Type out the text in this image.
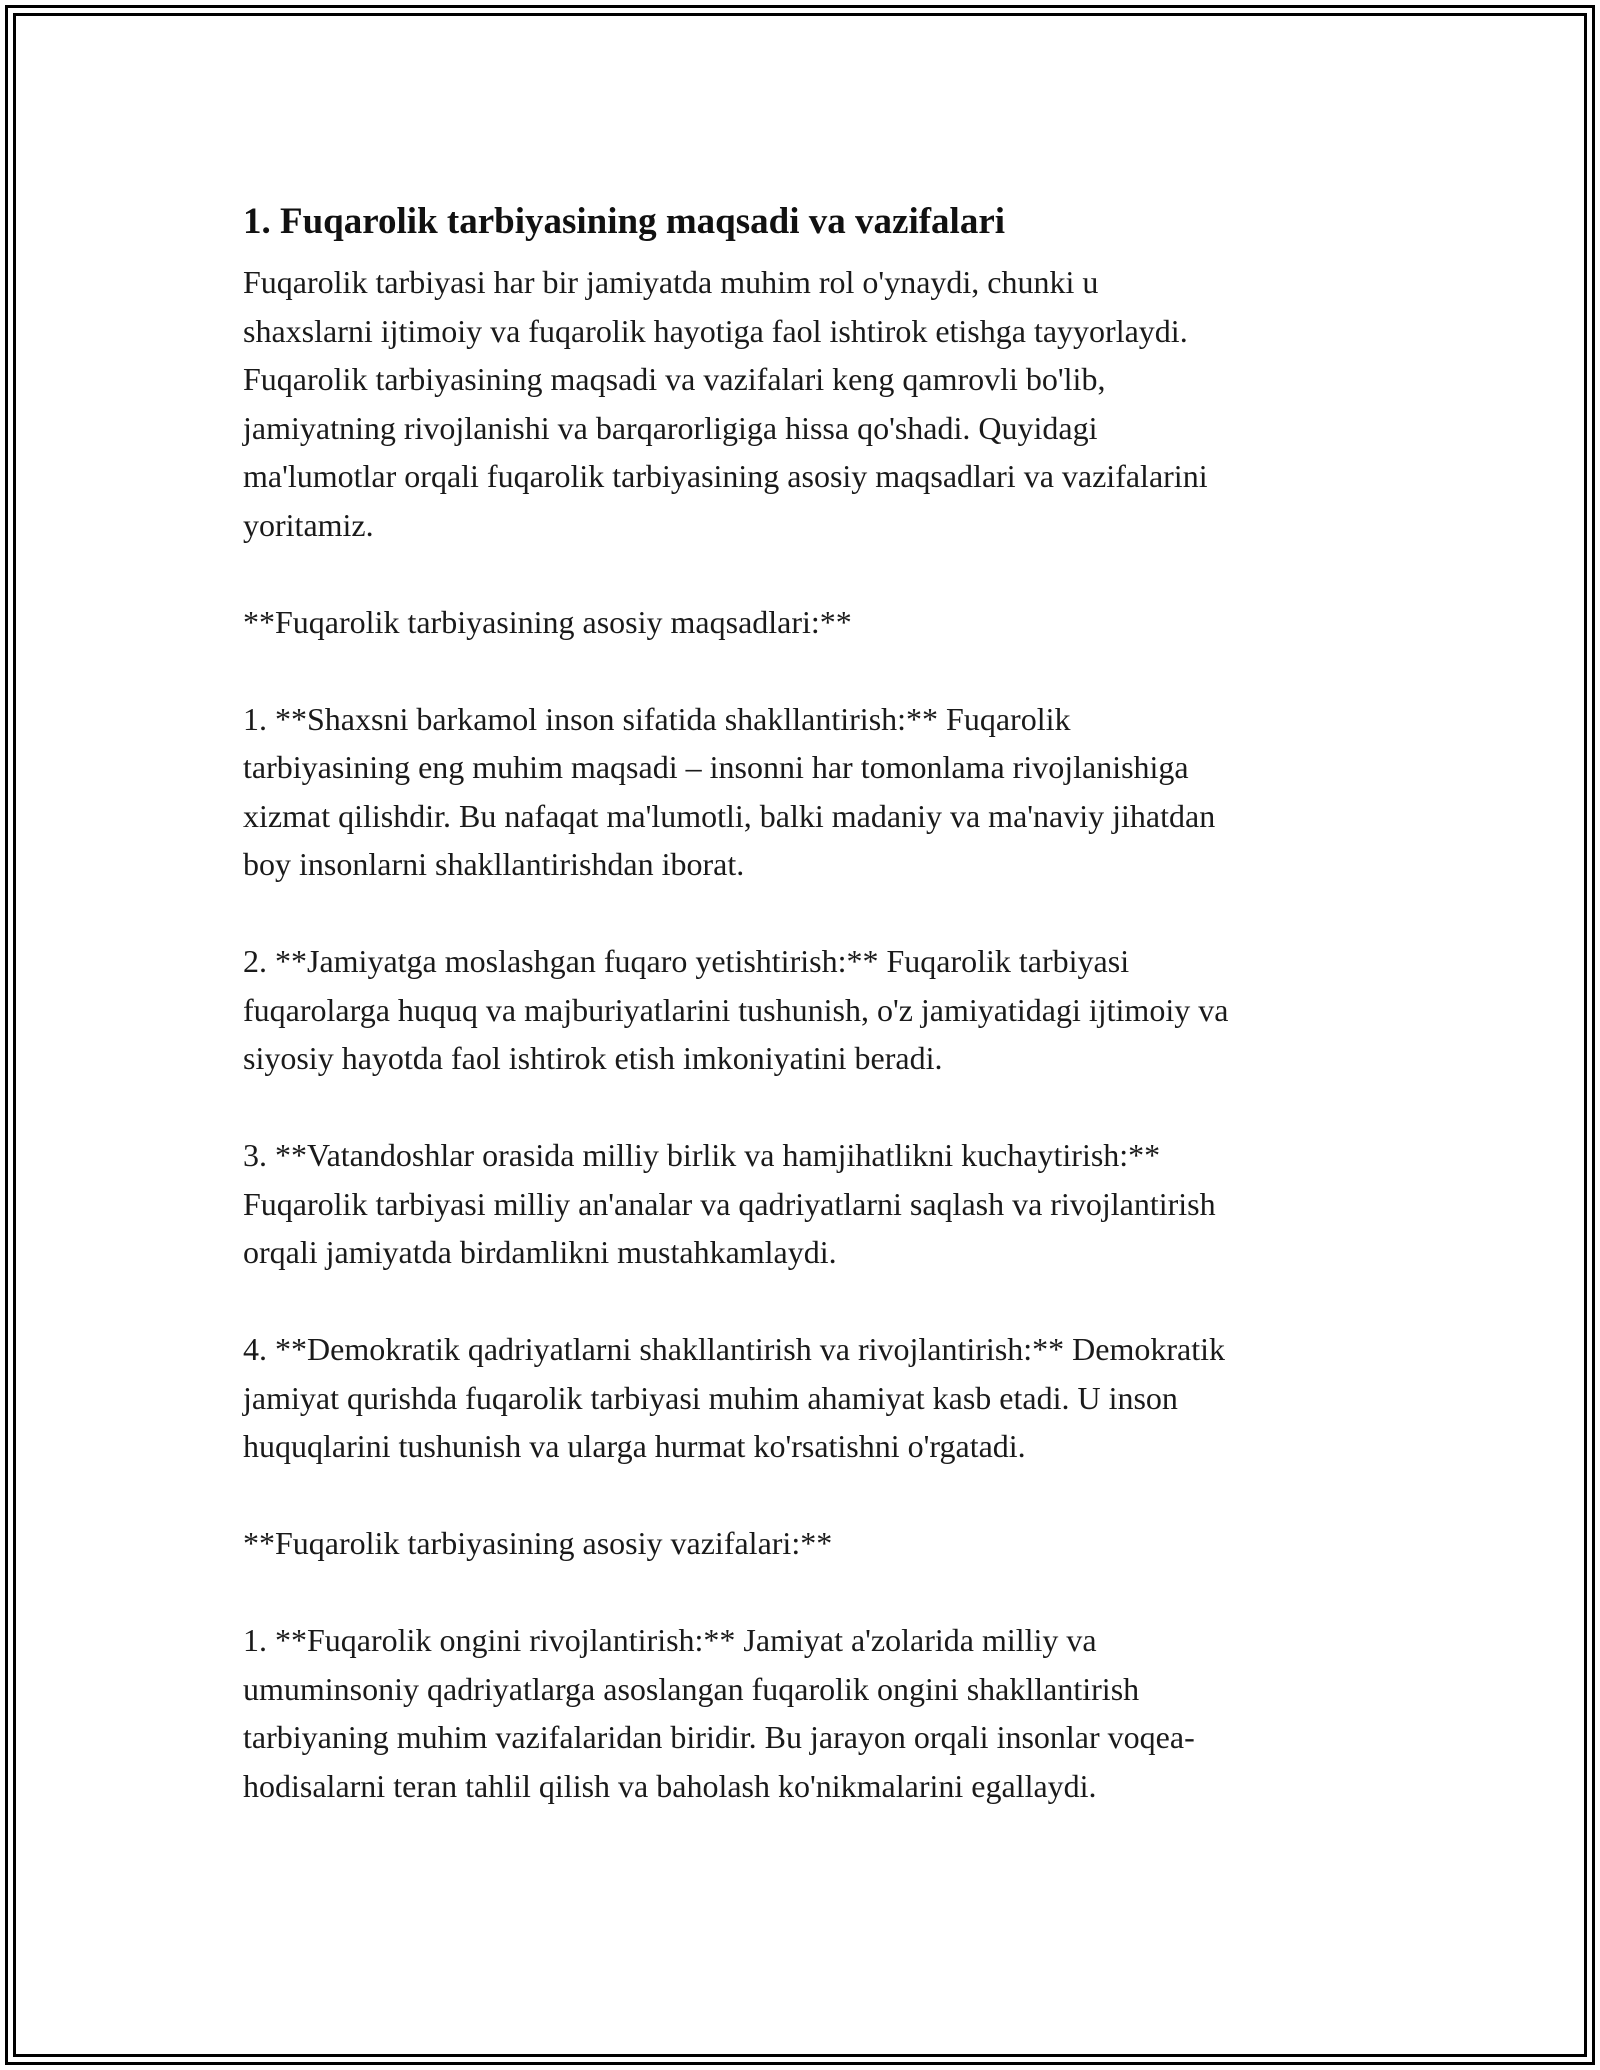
1. Fuqarolik tarbiyasining maqsadi va vazifalari

Fuqarolik tarbiyasi har bir jamiyatda muhim rol o'ynaydi, chunki u
shaxslarni ijtimoiy va fuqarolik hayotiga faol ishtirok etishga tayyorlaydi.
Fuqarolik tarbiyasining maqsadi va vazifalari keng qamrovli bo'lib,
jamiyatning rivojlanishi va barqarorligiga hissa qo'shadi. Quyidagi
ma'lumotlar orqali fuqarolik tarbiyasining asosiy maqsadlari va vazifalarini
yoritamiz.

**Fuqarolik tarbiyasining asosiy maqsadlari:**

1. **Shaxsni barkamol inson sifatida shakllantirish:** Fuqarolik
tarbiyasining eng muhim maqsadi – insonni har tomonlama rivojlanishiga
xizmat qilishdir. Bu nafaqat ma'lumotli, balki madaniy va ma'naviy jihatdan
boy insonlarni shakllantirishdan iborat.

2. **Jamiyatga moslashgan fuqaro yetishtirish:** Fuqarolik tarbiyasi
fuqarolarga huquq va majburiyatlarini tushunish, o'z jamiyatidagi ijtimoiy va
siyosiy hayotda faol ishtirok etish imkoniyatini beradi.

3. **Vatandoshlar orasida milliy birlik va hamjihatlikni kuchaytirish:**
Fuqarolik tarbiyasi milliy an'analar va qadriyatlarni saqlash va rivojlantirish
orqali jamiyatda birdamlikni mustahkamlaydi.

4. **Demokratik qadriyatlarni shakllantirish va rivojlantirish:** Demokratik
jamiyat qurishda fuqarolik tarbiyasi muhim ahamiyat kasb etadi. U inson
huquqlarini tushunish va ularga hurmat ko'rsatishni o'rgatadi.

**Fuqarolik tarbiyasining asosiy vazifalari:**

1. **Fuqarolik ongini rivojlantirish:** Jamiyat a'zolarida milliy va
umuminsoniy qadriyatlarga asoslangan fuqarolik ongini shakllantirish
tarbiyaning muhim vazifalaridan biridir. Bu jarayon orqali insonlar voqea-
hodisalarni teran tahlil qilish va baholash ko'nikmalarini egallaydi.
